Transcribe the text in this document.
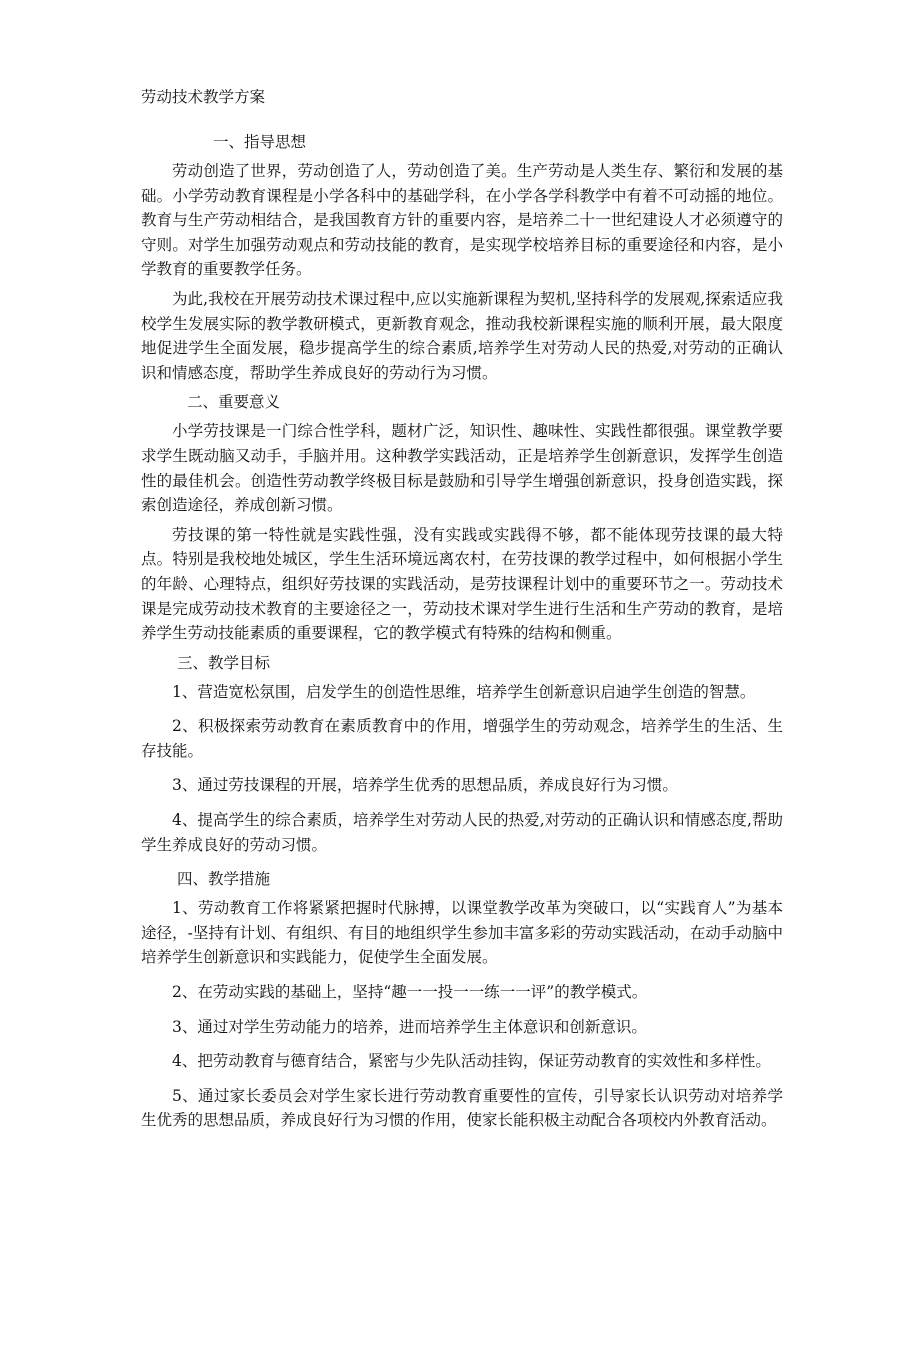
劳动技术教学方案

一、指导思想

劳动创造了世界，劳动创造了人，劳动创造了美。生产劳动是人类生存、繁衍和发展的基础。小学劳动教育课程是小学各科中的基础学科，在小学各学科教学中有着不可动摇的地位。教育与生产劳动相结合，是我国教育方针的重要内容，是培养二十一世纪建设人才必须遵守的守则。对学生加强劳动观点和劳动技能的教育，是实现学校培养目标的重要途径和内容，是小学教育的重要教学任务。

为此,我校在开展劳动技术课过程中,应以实施新课程为契机,坚持科学的发展观,探索适应我校学生发展实际的教学教研模式，更新教育观念，推动我校新课程实施的顺利开展，最大限度地促进学生全面发展，稳步提高学生的综合素质,培养学生对劳动人民的热爱,对劳动的正确认识和情感态度，帮助学生养成良好的劳动行为习惯。

二、重要意义

小学劳技课是一门综合性学科，题材广泛，知识性、趣味性、实践性都很强。课堂教学要求学生既动脑又动手，手脑并用。这种教学实践活动，正是培养学生创新意识，发挥学生创造性的最佳机会。创造性劳动教学终极目标是鼓励和引导学生增强创新意识，投身创造实践，探索创造途径，养成创新习惯。

劳技课的第一特性就是实践性强，没有实践或实践得不够，都不能体现劳技课的最大特点。特别是我校地处城区，学生生活环境远离农村，在劳技课的教学过程中，如何根据小学生的年龄、心理特点，组织好劳技课的实践活动，是劳技课程计划中的重要环节之一。劳动技术课是完成劳动技术教育的主要途径之一，劳动技术课对学生进行生活和生产劳动的教育，是培养学生劳动技能素质的重要课程，它的教学模式有特殊的结构和侧重。

三、教学目标

1、营造宽松氛围，启发学生的创造性思维，培养学生创新意识启迪学生创造的智慧。

2、积极探索劳动教育在素质教育中的作用，增强学生的劳动观念，培养学生的生活、生存技能。

3、通过劳技课程的开展，培养学生优秀的思想品质，养成良好行为习惯。

4、提高学生的综合素质，培养学生对劳动人民的热爱,对劳动的正确认识和情感态度,帮助学生养成良好的劳动习惯。

四、教学措施

1、劳动教育工作将紧紧把握时代脉搏，以课堂教学改革为突破口，以“实践育人”为基本途径，-坚持有计划、有组织、有目的地组织学生参加丰富多彩的劳动实践活动，在动手动脑中培养学生创新意识和实践能力，促使学生全面发展。

2、在劳动实践的基础上，坚持“趣一一投一一练一一评”的教学模式。

3、通过对学生劳动能力的培养，进而培养学生主体意识和创新意识。

4、把劳动教育与德育结合，紧密与少先队活动挂钩，保证劳动教育的实效性和多样性。

5、通过家长委员会对学生家长进行劳动教育重要性的宣传，引导家长认识劳动对培养学生优秀的思想品质，养成良好行为习惯的作用，使家长能积极主动配合各项校内外教育活动。
